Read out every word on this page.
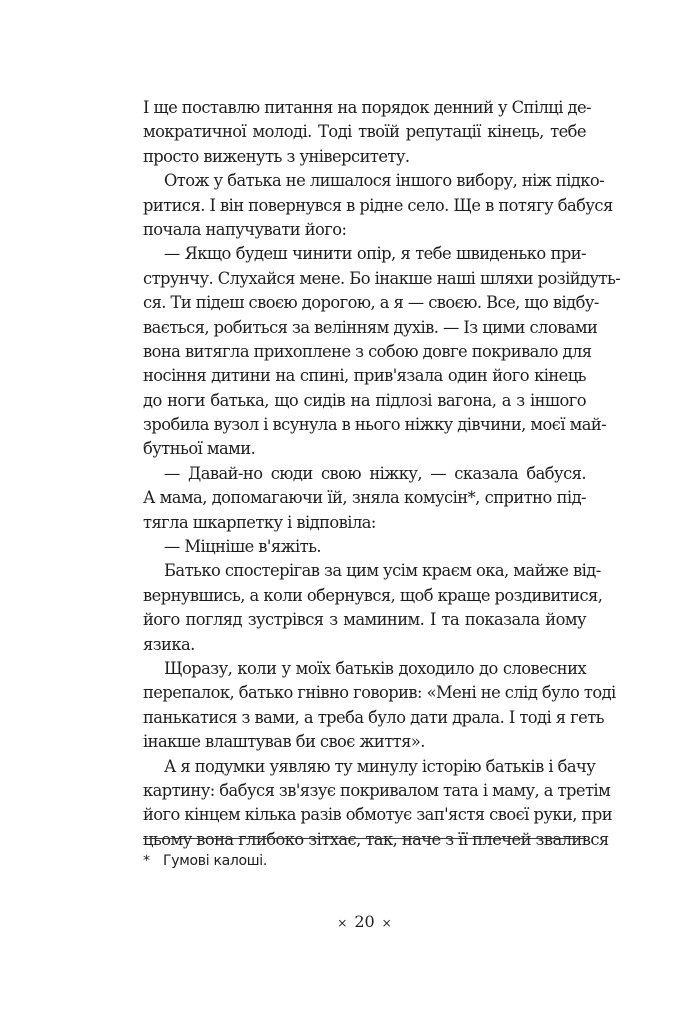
І ще поставлю питання на порядок денний у Спілці де-
мократичної молоді. Тоді твоїй репутації кінець, тебе
просто виженуть з університету.
Отож у батька не лишалося іншого вибору, ніж підко-
ритися. І він повернувся в рідне село. Ще в потягу бабуся
почала напучувати його:
— Якщо будеш чинити опір, я тебе швиденько при-
струнчу. Слухайся мене. Бо інакше наші шляхи розійдуть-
ся. Ти підеш своєю дорогою, а я — своєю. Все, що відбу-
вається, робиться за велінням духів. — Із цими словами
вона витягла прихоплене з собою довге покривало для
носіння дитини на спині, прив'язала один його кінець
до ноги батька, що сидів на підлозі вагона, а з іншого
зробила вузол і всунула в нього ніжку дівчини, моєї май-
бутньої мами.
— Давай-но сюди свою ніжку, — сказала бабуся.
А мама, допомагаючи їй, зняла комусін*, спритно під-
тягла шкарпетку і відповіла:
— Міцніше в'яжіть.
Батько спостерігав за цим усім краєм ока, майже від-
вернувшись, а коли обернувся, щоб краще роздивитися,
його погляд зустрівся з маминим. І та показала йому
язика.
Щоразу, коли у моїх батьків доходило до словесних
перепалок, батько гнівно говорив: «Мені не слід було тоді
панькатися з вами, а треба було дати драла. І тоді я геть
інакше влаштував би своє життя».
А я подумки уявляю ту минулу історію батьків і бачу
картину: бабуся зв'язує покривалом тата і маму, а третім
його кінцем кілька разів обмотує зап'ястя своєї руки, при
цьому вона глибоко зітхає, так, наче з її плечей звалився
* Гумові калоші.
× 20 ×
